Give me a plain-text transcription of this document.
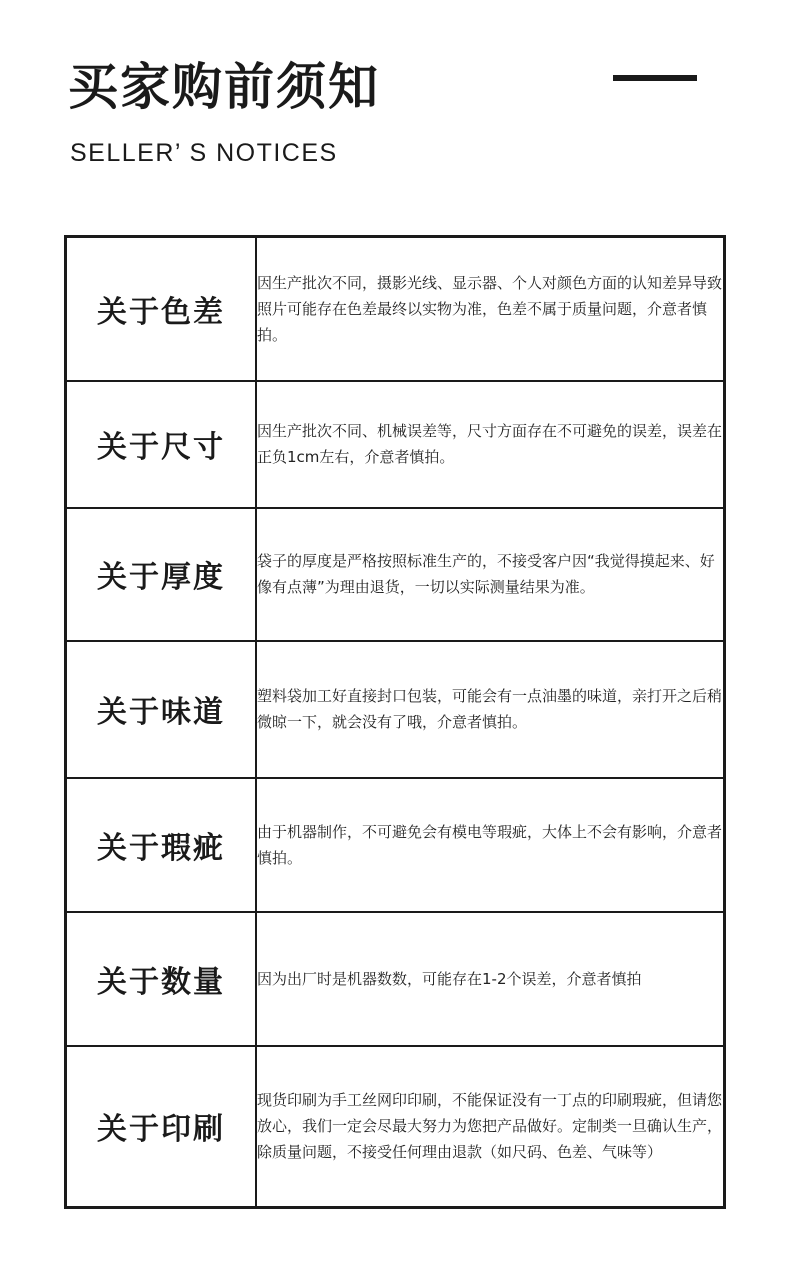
买家购前须知
SELLER’ S NOTICES
关于色差	因生产批次不同，摄影光线、显示器、个人对颜色方面的认知差异导致照片可能存在色差最终以实物为准，色差不属于质量问题，介意者慎拍。
关于尺寸	因生产批次不同、机械误差等，尺寸方面存在不可避免的误差，误差在正负1cm左右，介意者慎拍。
关于厚度	袋子的厚度是严格按照标准生产的，不接受客户因“我觉得摸起来、好像有点薄”为理由退货，一切以实际测量结果为准。
关于味道	塑料袋加工好直接封口包装，可能会有一点油墨的味道，亲打开之后稍微晾一下，就会没有了哦，介意者慎拍。
关于瑕疵	由于机器制作，不可避免会有模电等瑕疵，大体上不会有影响，介意者慎拍。
关于数量	因为出厂时是机器数数，可能存在1-2个误差，介意者慎拍
关于印刷	现货印刷为手工丝网印印刷，不能保证没有一丁点的印刷瑕疵，但请您放心，我们一定会尽最大努力为您把产品做好。定制类一旦确认生产，除质量问题，不接受任何理由退款（如尺码、色差、气味等）
